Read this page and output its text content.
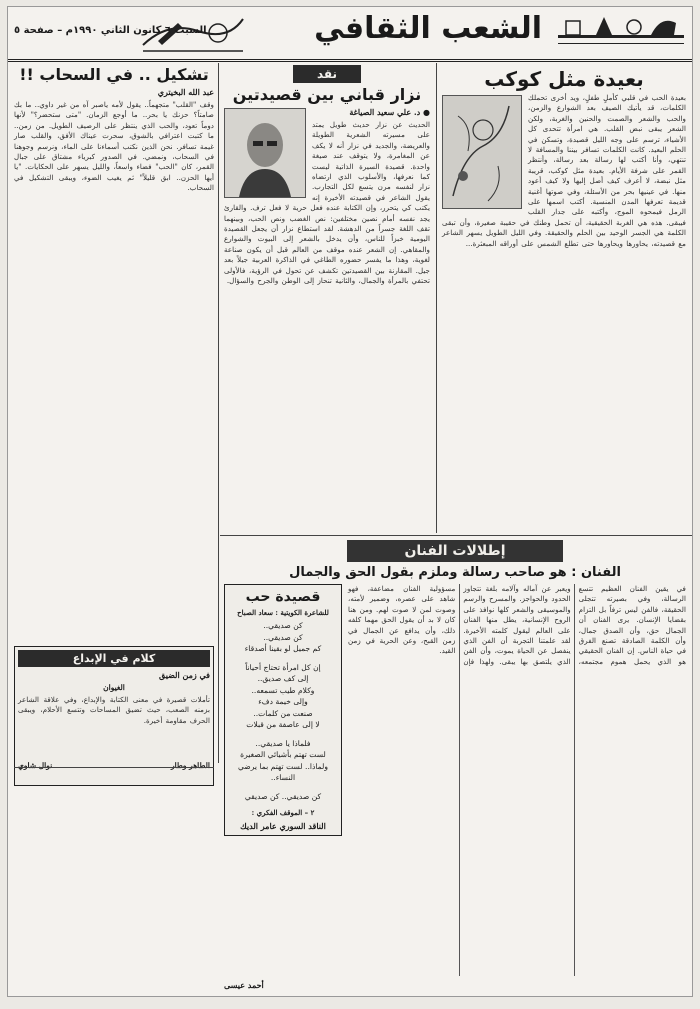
الشعب الثقافي
السبت ٦ كانون الثاني ١٩٩٠م – صفحة ٥
بعيدة مثل كوكب
بعيدة الحب في قلبي كأملٍ طفلٍ، ويد أخرى تحملك الكلمات، قد يأتيك الصيف بعد الشوارع والزمن، والحب والشعر والصمت والحنين والغربة، ولكن الشعر يبقى نبض القلب. هي امرأة تتحدى كل الأشياء، ترسم على وجه الليل قصيدة، وتسكن في الحلم البعيد. كانت الكلمات تسافر بيننا والمسافة لا تنتهي، وأنا أكتب لها رسالة بعد رسالة، وأنتظر القمر على شرفة الأيام. بعيدة مثل كوكب، قريبة مثل نبضة، لا أعرف كيف أصل إليها ولا كيف أعود منها. في عينيها بحر من الأسئلة، وفي صوتها أغنية قديمة تعرفها المدن المنسية. أكتب اسمها على الرمل فيمحوه الموج، وأكتبه على جدار القلب فيبقى. هذه هي الغربة الحقيقية، أن تحمل وطنك في حقيبة صغيرة، وأن تبقى الكلمة هي الجسر الوحيد بين الحلم والحقيقة. وفي الليل الطويل يسهر الشاعر مع قصيدته، يحاورها ويحاورها حتى تطلع الشمس على أوراقه المبعثرة...
نقد
نزار قباني بين قصيدتين
● د. علي سعيد الصياغة
الحديث عن نزار حديث طويل يمتد على مسيرته الشعرية الطويلة والعريضة، والجديد في نزار أنه لا يكف عن المغامرة، ولا يتوقف عند صيغة واحدة. قصيدة السيرة الذاتية ليست كما نعرفها، والأسلوب الذي ارتضاه نزار لنفسه مرن يتسع لكل التجارب. يقول الشاعر في قصيدته الأخيرة إنه يكتب كي يتحرر، وإن الكتابة عنده فعل حرية لا فعل ترف. والقارئ يجد نفسه أمام نصين مختلفين: نص الغضب ونص الحب، وبينهما تقف اللغة جسراً من الدهشة. لقد استطاع نزار أن يجعل القصيدة اليومية خبزاً للناس، وأن يدخل بالشعر إلى البيوت والشوارع والمقاهي. إن الشعر عنده موقف من العالم قبل أن يكون صناعة لغوية، وهذا ما يفسر حضوره الطاغي في الذاكرة العربية جيلاً بعد جيل. المقارنة بين القصيدتين تكشف عن تحول في الرؤية، فالأولى تحتفي بالمرأة والجمال، والثانية تنحاز إلى الوطن والجرح والسؤال.
تشكيل .. في السحاب !!
عبد الله البخيتري
وقف "القلب" متجهماً.. يقول لأمه ياصبر آه من غير داوي.. ما بك صامتاً؟ حزنك يا بحر.. ما أوجع الزمان. "متى ستحضر؟" لأنها دوماً تعود، والحب الذي ينتظر على الرصيف الطويل. من زمن.. ما كتبت اعترافي بالشوق، سحرت عيناك الأفق، والقلب صار غيمة تسافر. نحن الذين نكتب أسماءنا على الماء، ونرسم وجوهنا في السحاب، ونمضي. في الصدور كبرياء مشتاق على جبال القمر، كان "الحب" فضاء واسعاً، والليل يسهر على الحكايات. "يا أيها الحزن.. ابق قليلاً" ثم يغيب الضوء، ويبقى التشكيل في السحاب.
كلام في الإبداع
في زمن الضيق
الغيوان
تأملات قصيرة في معنى الكتابة والإبداع، وفي علاقة الشاعر بزمنه الصعب، حيث تضيق المساحات وتتسع الأحلام، ويبقى الحرف مقاومة أخيرة.
الطاهر وطار
نوال شاوي
إطلالات الفنان
الفنان : هو صاحب رسالة وملزم بقول الحق والجمال
قصيدة حب
للشاعرة الكويتية : سعاد الصباح

كن صديقي..

كن صديقي..

كم جميل لو بقينا أصدقاء

إن كل امرأة تحتاج أحياناً

إلى كف صديق..

وكلام طيب تسمعه..

وإلى خيمة دفء

صنعت من كلمات..

لا إلى عاصفة من قبلات

فلماذا يا صديقي..

لست تهتم بأشيائي الصغيرة

ولماذا.. لست تهتم بما يرضي

النساء..

كن صديقي.. كن صديقي

٢ – الموقف الفكري :
الناقد السوري عامر الديك
في يقين الفنان العظيم تتسع الرسالة، وفي بصيرته تتجلى الحقيقة، فالفن ليس ترفاً بل التزام بقضايا الإنسان. يرى الفنان أن الجمال حق، وأن الصدق جمال، وأن الكلمة الصادقة تصنع الفرق في حياة الناس. إن الفنان الحقيقي هو الذي يحمل هموم مجتمعه، ويعبر عن آماله وآلامه بلغة تتجاوز الحدود والحواجز. والمسرح والرسم والموسيقى والشعر كلها نوافذ على الروح الإنسانية، يطل منها الفنان على العالم ليقول كلمته الأخيرة. لقد علمتنا التجربة أن الفن الذي ينفصل عن الحياة يموت، وأن الفن الذي يلتصق بها يبقى. ولهذا فإن مسؤولية الفنان مضاعفة، فهو شاهد على عصره، وضمير لأمته، وصوت لمن لا صوت لهم. ومن هنا كان لا بد أن يقول الحق مهما كلفه ذلك، وأن يدافع عن الجمال في زمن القبح، وعن الحرية في زمن القيد.
أحمد عيسى
